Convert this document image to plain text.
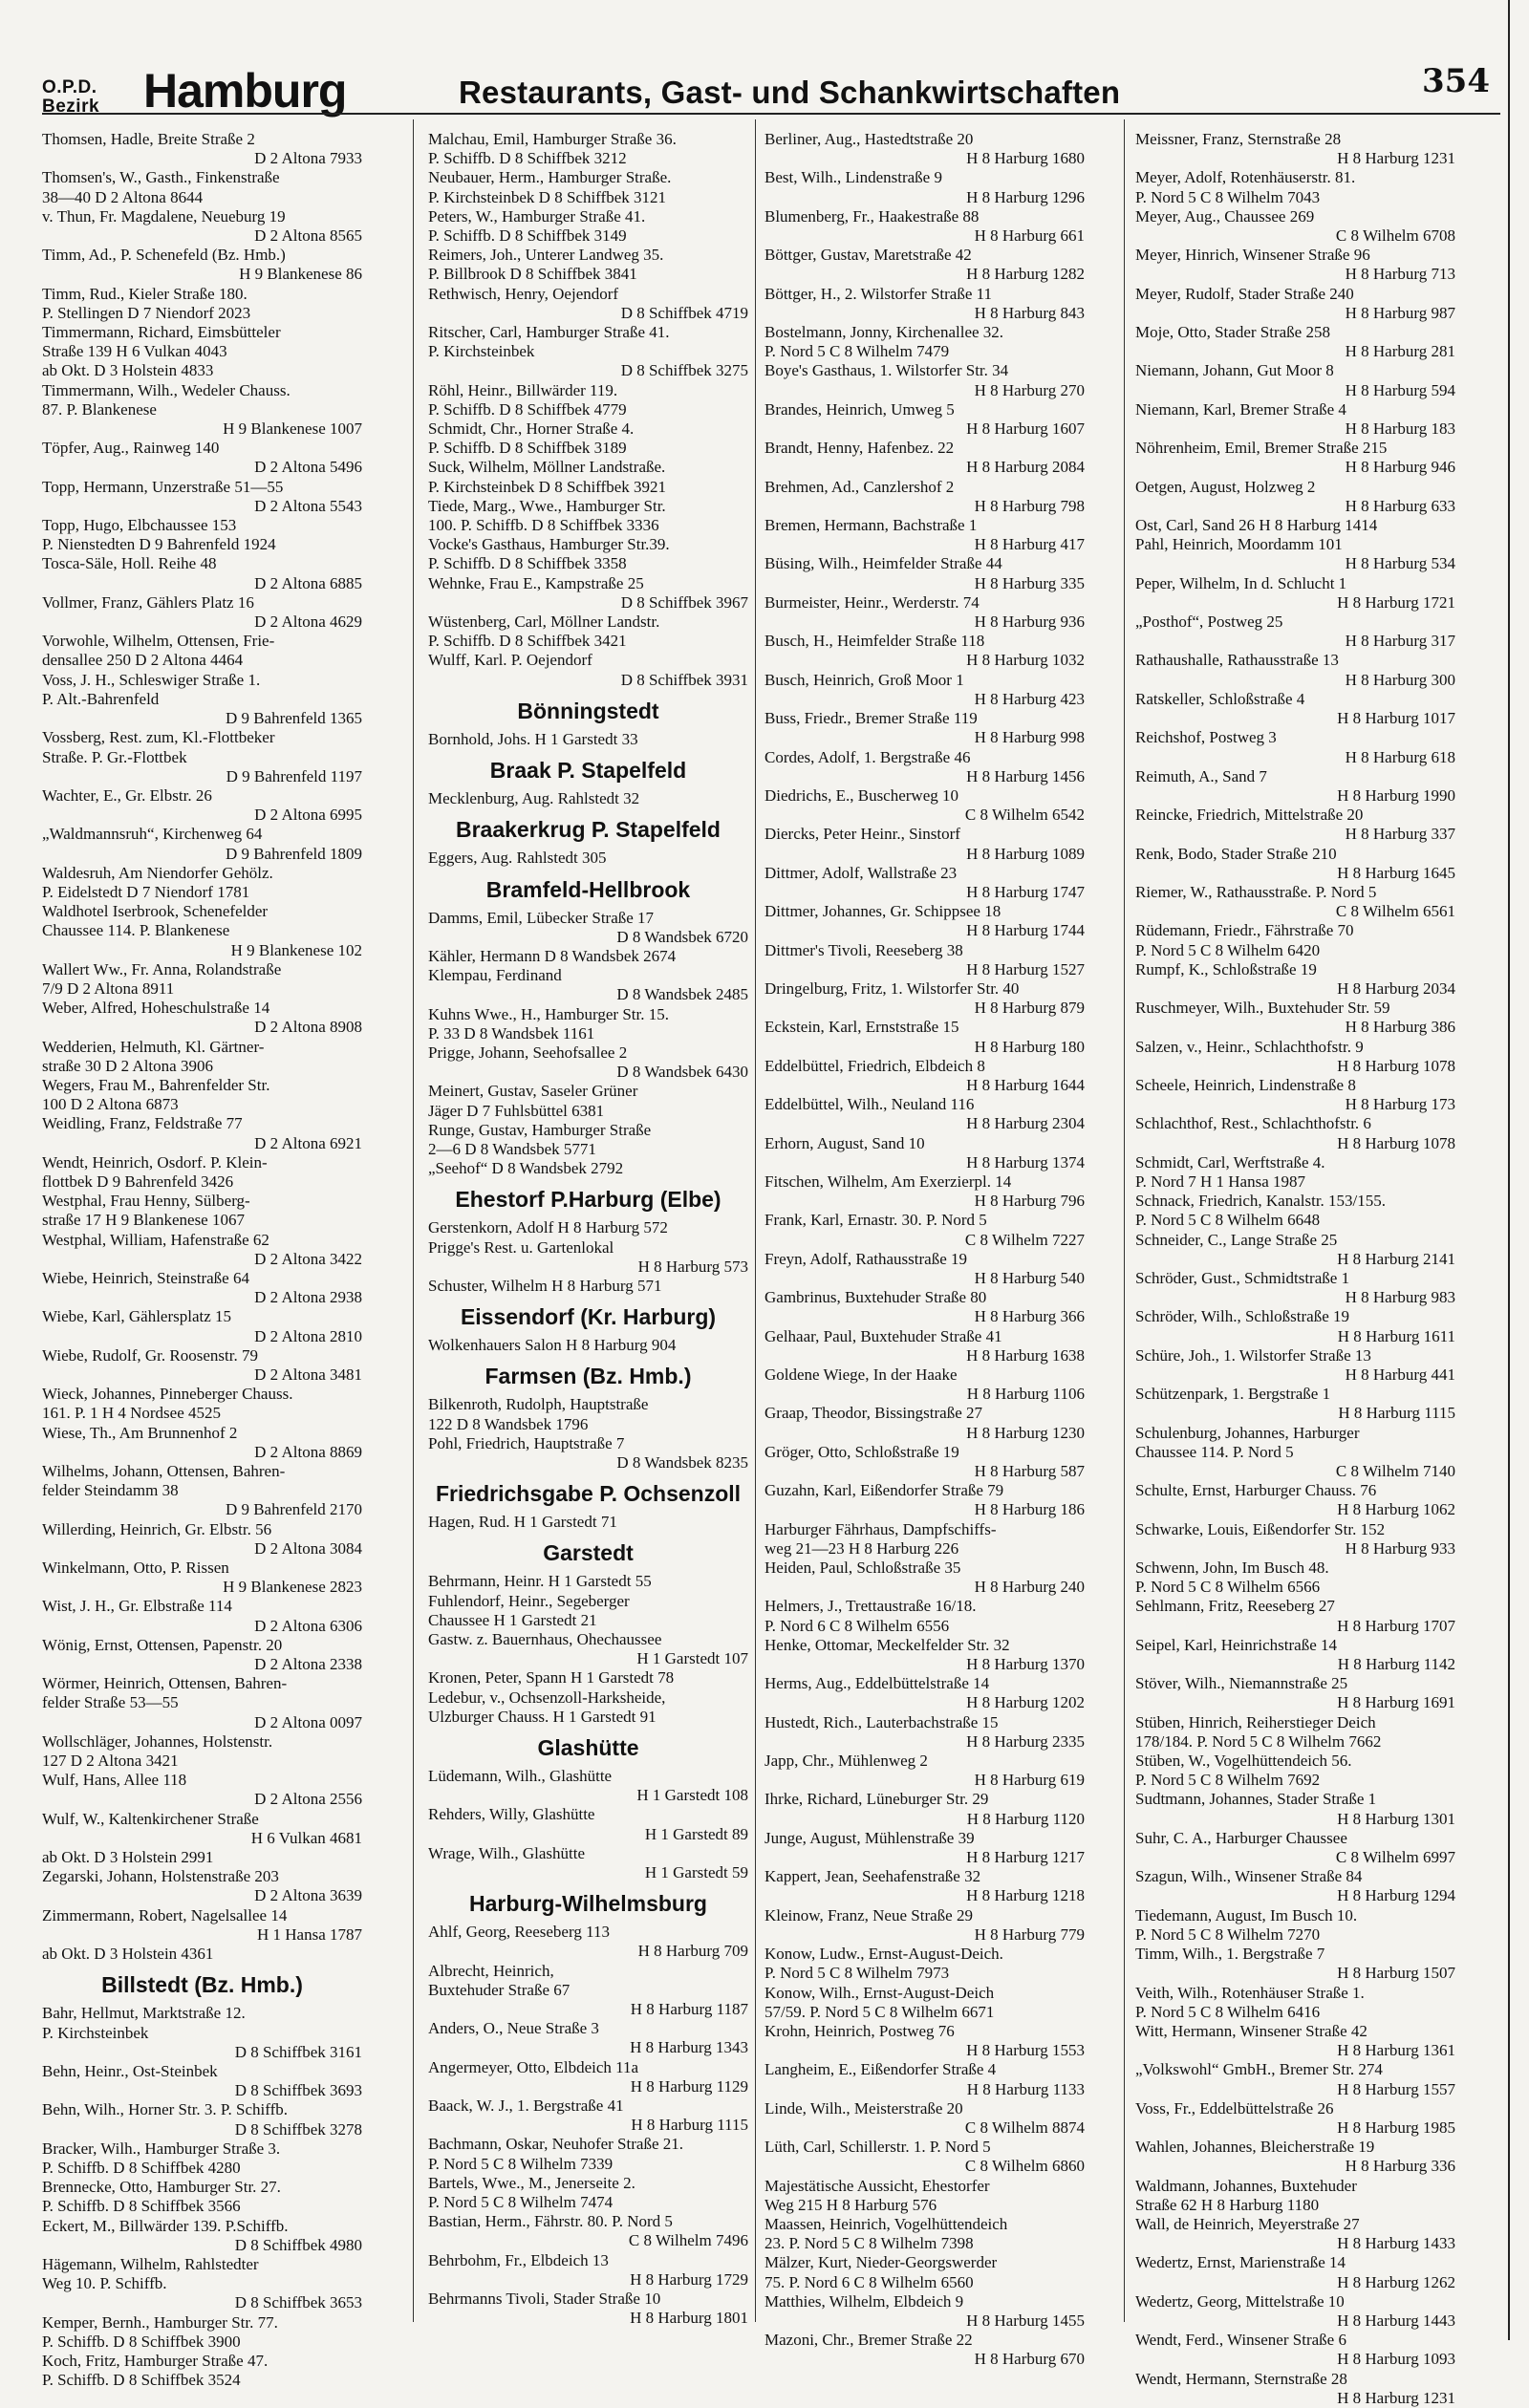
O.P.D.
Bezirk Hamburg	Restaurants, Gast- und Schankwirtschaften	354
Thomsen, Hadle, Breite Straße 2
D 2 Altona 7933
Thomsen's, W., Gasth., Finkenstraße
38—40 D 2 Altona 8644
v. Thun, Fr. Magdalene, Neueburg 19
D 2 Altona 8565
Timm, Ad., P. Schenefeld (Bz. Hmb.)
H 9 Blankenese 86
Timm, Rud., Kieler Straße 180.
P. Stellingen D 7 Niendorf 2023
Timmermann, Richard, Eimsbütteler
Straße 139 H 6 Vulkan 4043
ab Okt. D 3 Holstein 4833
Timmermann, Wilh., Wedeler Chauss.
87. P. Blankenese
H 9 Blankenese 1007
Töpfer, Aug., Rainweg 140
D 2 Altona 5496
Topp, Hermann, Unzerstraße 51—55
D 2 Altona 5543
Topp, Hugo, Elbchaussee 153
P. Nienstedten D 9 Bahrenfeld 1924
Tosca-Säle, Holl. Reihe 48
D 2 Altona 6885
Vollmer, Franz, Gählers Platz 16
D 2 Altona 4629
Vorwohle, Wilhelm, Ottensen, Frie-
densallee 250 D 2 Altona 4464
Voss, J. H., Schleswiger Straße 1.
P. Alt.-Bahrenfeld
D 9 Bahrenfeld 1365
Vossberg, Rest. zum, Kl.-Flottbeker
Straße. P. Gr.-Flottbek
D 9 Bahrenfeld 1197
Wachter, E., Gr. Elbstr. 26
D 2 Altona 6995
„Waldmannsruh“, Kirchenweg 64
D 9 Bahrenfeld 1809
Waldesruh, Am Niendorfer Gehölz.
P. Eidelstedt D 7 Niendorf 1781
Waldhotel Iserbrook, Schenefelder
Chaussee 114. P. Blankenese
H 9 Blankenese 102
Wallert Ww., Fr. Anna, Rolandstraße
7/9 D 2 Altona 8911
Weber, Alfred, Hoheschulstraße 14
D 2 Altona 8908
Wedderien, Helmuth, Kl. Gärtner-
straße 30 D 2 Altona 3906
Wegers, Frau M., Bahrenfelder Str.
100 D 2 Altona 6873
Weidling, Franz, Feldstraße 77
D 2 Altona 6921
Wendt, Heinrich, Osdorf. P. Klein-
flottbek D 9 Bahrenfeld 3426
Westphal, Frau Henny, Sülberg-
straße 17 H 9 Blankenese 1067
Westphal, William, Hafenstraße 62
D 2 Altona 3422
Wiebe, Heinrich, Steinstraße 64
D 2 Altona 2938
Wiebe, Karl, Gählersplatz 15
D 2 Altona 2810
Wiebe, Rudolf, Gr. Roosenstr. 79
D 2 Altona 3481
Wieck, Johannes, Pinneberger Chauss.
161. P. 1 H 4 Nordsee 4525
Wiese, Th., Am Brunnenhof 2
D 2 Altona 8869
Wilhelms, Johann, Ottensen, Bahren-
felder Steindamm 38
D 9 Bahrenfeld 2170
Willerding, Heinrich, Gr. Elbstr. 56
D 2 Altona 3084
Winkelmann, Otto, P. Rissen
H 9 Blankenese 2823
Wist, J. H., Gr. Elbstraße 114
D 2 Altona 6306
Wönig, Ernst, Ottensen, Papenstr. 20
D 2 Altona 2338
Wörmer, Heinrich, Ottensen, Bahren-
felder Straße 53—55
D 2 Altona 0097
Wollschläger, Johannes, Holstenstr.
127 D 2 Altona 3421
Wulf, Hans, Allee 118
D 2 Altona 2556
Wulf, W., Kaltenkirchener Straße
H 6 Vulkan 4681
ab Okt. D 3 Holstein 2991
Zegarski, Johann, Holstenstraße 203
D 2 Altona 3639
Zimmermann, Robert, Nagelsallee 14
H 1 Hansa 1787
ab Okt. D 3 Holstein 4361
Billstedt (Bz. Hmb.)
Bahr, Hellmut, Marktstraße 12.
P. Kirchsteinbek
D 8 Schiffbek 3161
Behn, Heinr., Ost-Steinbek
D 8 Schiffbek 3693
Behn, Wilh., Horner Str. 3. P. Schiffb.
D 8 Schiffbek 3278
Bracker, Wilh., Hamburger Straße 3.
P. Schiffb. D 8 Schiffbek 4280
Brennecke, Otto, Hamburger Str. 27.
P. Schiffb. D 8 Schiffbek 3566
Eckert, M., Billwärder 139. P.Schiffb.
D 8 Schiffbek 4980
Hägemann, Wilhelm, Rahlstedter
Weg 10. P. Schiffb.
D 8 Schiffbek 3653
Kemper, Bernh., Hamburger Str. 77.
P. Schiffb. D 8 Schiffbek 3900
Koch, Fritz, Hamburger Straße 47.
P. Schiffb. D 8 Schiffbek 3524
Malchau, Emil, Hamburger Straße 36.
P. Schiffb. D 8 Schiffbek 3212
Neubauer, Herm., Hamburger Straße.
P. Kirchsteinbek D 8 Schiffbek 3121
Peters, W., Hamburger Straße 41.
P. Schiffb. D 8 Schiffbek 3149
Reimers, Joh., Unterer Landweg 35.
P. Billbrook D 8 Schiffbek 3841
Rethwisch, Henry, Oejendorf
D 8 Schiffbek 4719
Ritscher, Carl, Hamburger Straße 41.
P. Kirchsteinbek
D 8 Schiffbek 3275
Röhl, Heinr., Billwärder 119.
P. Schiffb. D 8 Schiffbek 4779
Schmidt, Chr., Horner Straße 4.
P. Schiffb. D 8 Schiffbek 3189
Suck, Wilhelm, Möllner Landstraße.
P. Kirchsteinbek D 8 Schiffbek 3921
Tiede, Marg., Wwe., Hamburger Str.
100. P. Schiffb. D 8 Schiffbek 3336
Vocke's Gasthaus, Hamburger Str.39.
P. Schiffb. D 8 Schiffbek 3358
Wehnke, Frau E., Kampstraße 25
D 8 Schiffbek 3967
Wüstenberg, Carl, Möllner Landstr.
P. Schiffb. D 8 Schiffbek 3421
Wulff, Karl. P. Oejendorf
D 8 Schiffbek 3931
Bönningstedt
Bornhold, Johs. H 1 Garstedt 33
Braak P. Stapelfeld
Mecklenburg, Aug. Rahlstedt 32
Braakerkrug P. Stapelfeld
Eggers, Aug. Rahlstedt 305
Bramfeld-Hellbrook
Damms, Emil, Lübecker Straße 17
D 8 Wandsbek 6720
Kähler, Hermann D 8 Wandsbek 2674
Klempau, Ferdinand
D 8 Wandsbek 2485
Kuhns Wwe., H., Hamburger Str. 15.
P. 33 D 8 Wandsbek 1161
Prigge, Johann, Seehofsallee 2
D 8 Wandsbek 6430
Meinert, Gustav, Saseler Grüner
Jäger D 7 Fuhlsbüttel 6381
Runge, Gustav, Hamburger Straße
2—6 D 8 Wandsbek 5771
„Seehof“ D 8 Wandsbek 2792
Ehestorf P.Harburg (Elbe)
Gerstenkorn, Adolf H 8 Harburg 572
Prigge's Rest. u. Gartenlokal
H 8 Harburg 573
Schuster, Wilhelm H 8 Harburg 571
Eissendorf (Kr. Harburg)
Wolkenhauers Salon H 8 Harburg 904
Farmsen (Bz. Hmb.)
Bilkenroth, Rudolph, Hauptstraße
122 D 8 Wandsbek 1796
Pohl, Friedrich, Hauptstraße 7
D 8 Wandsbek 8235
Friedrichsgabe P. Ochsenzoll
Hagen, Rud. H 1 Garstedt 71
Garstedt
Behrmann, Heinr. H 1 Garstedt 55
Fuhlendorf, Heinr., Segeberger
Chaussee H 1 Garstedt 21
Gastw. z. Bauernhaus, Ohechaussee
H 1 Garstedt 107
Kronen, Peter, Spann H 1 Garstedt 78
Ledebur, v., Ochsenzoll-Harksheide,
Ulzburger Chauss. H 1 Garstedt 91
Glashütte
Lüdemann, Wilh., Glashütte
H 1 Garstedt 108
Rehders, Willy, Glashütte
H 1 Garstedt 89
Wrage, Wilh., Glashütte
H 1 Garstedt 59
Harburg-Wilhelmsburg
Ahlf, Georg, Reeseberg 113
H 8 Harburg 709
Albrecht, Heinrich,
Buxtehuder Straße 67
H 8 Harburg 1187
Anders, O., Neue Straße 3
H 8 Harburg 1343
Angermeyer, Otto, Elbdeich 11a
H 8 Harburg 1129
Baack, W. J., 1. Bergstraße 41
H 8 Harburg 1115
Bachmann, Oskar, Neuhofer Straße 21.
P. Nord 5 C 8 Wilhelm 7339
Bartels, Wwe., M., Jenerseite 2.
P. Nord 5 C 8 Wilhelm 7474
Bastian, Herm., Fährstr. 80. P. Nord 5
C 8 Wilhelm 7496
Behrbohm, Fr., Elbdeich 13
H 8 Harburg 1729
Behrmanns Tivoli, Stader Straße 10
H 8 Harburg 1801
Berliner, Aug., Hastedtstraße 20
H 8 Harburg 1680
Best, Wilh., Lindenstraße 9
H 8 Harburg 1296
Blumenberg, Fr., Haakestraße 88
H 8 Harburg 661
Böttger, Gustav, Maretstraße 42
H 8 Harburg 1282
Böttger, H., 2. Wilstorfer Straße 11
H 8 Harburg 843
Bostelmann, Jonny, Kirchenallee 32.
P. Nord 5 C 8 Wilhelm 7479
Boye's Gasthaus, 1. Wilstorfer Str. 34
H 8 Harburg 270
Brandes, Heinrich, Umweg 5
H 8 Harburg 1607
Brandt, Henny, Hafenbez. 22
H 8 Harburg 2084
Brehmen, Ad., Canzlershof 2
H 8 Harburg 798
Bremen, Hermann, Bachstraße 1
H 8 Harburg 417
Büsing, Wilh., Heimfelder Straße 44
H 8 Harburg 335
Burmeister, Heinr., Werderstr. 74
H 8 Harburg 936
Busch, H., Heimfelder Straße 118
H 8 Harburg 1032
Busch, Heinrich, Groß Moor 1
H 8 Harburg 423
Buss, Friedr., Bremer Straße 119
H 8 Harburg 998
Cordes, Adolf, 1. Bergstraße 46
H 8 Harburg 1456
Diedrichs, E., Buscherweg 10
C 8 Wilhelm 6542
Diercks, Peter Heinr., Sinstorf
H 8 Harburg 1089
Dittmer, Adolf, Wallstraße 23
H 8 Harburg 1747
Dittmer, Johannes, Gr. Schippsee 18
H 8 Harburg 1744
Dittmer's Tivoli, Reeseberg 38
H 8 Harburg 1527
Dringelburg, Fritz, 1. Wilstorfer Str. 40
H 8 Harburg 879
Eckstein, Karl, Ernststraße 15
H 8 Harburg 180
Eddelbüttel, Friedrich, Elbdeich 8
H 8 Harburg 1644
Eddelbüttel, Wilh., Neuland 116
H 8 Harburg 2304
Erhorn, August, Sand 10
H 8 Harburg 1374
Fitschen, Wilhelm, Am Exerzierpl. 14
H 8 Harburg 796
Frank, Karl, Ernastr. 30. P. Nord 5
C 8 Wilhelm 7227
Freyn, Adolf, Rathausstraße 19
H 8 Harburg 540
Gambrinus, Buxtehuder Straße 80
H 8 Harburg 366
Gelhaar, Paul, Buxtehuder Straße 41
H 8 Harburg 1638
Goldene Wiege, In der Haake
H 8 Harburg 1106
Graap, Theodor, Bissingstraße 27
H 8 Harburg 1230
Gröger, Otto, Schloßstraße 19
H 8 Harburg 587
Guzahn, Karl, Eißendorfer Straße 79
H 8 Harburg 186
Harburger Fährhaus, Dampfschiffs-
weg 21—23 H 8 Harburg 226
Heiden, Paul, Schloßstraße 35
H 8 Harburg 240
Helmers, J., Trettaustraße 16/18.
P. Nord 6 C 8 Wilhelm 6556
Henke, Ottomar, Meckelfelder Str. 32
H 8 Harburg 1370
Herms, Aug., Eddelbüttelstraße 14
H 8 Harburg 1202
Hustedt, Rich., Lauterbachstraße 15
H 8 Harburg 2335
Japp, Chr., Mühlenweg 2
H 8 Harburg 619
Ihrke, Richard, Lüneburger Str. 29
H 8 Harburg 1120
Junge, August, Mühlenstraße 39
H 8 Harburg 1217
Kappert, Jean, Seehafenstraße 32
H 8 Harburg 1218
Kleinow, Franz, Neue Straße 29
H 8 Harburg 779
Konow, Ludw., Ernst-August-Deich.
P. Nord 5 C 8 Wilhelm 7973
Konow, Wilh., Ernst-August-Deich
57/59. P. Nord 5 C 8 Wilhelm 6671
Krohn, Heinrich, Postweg 76
H 8 Harburg 1553
Langheim, E., Eißendorfer Straße 4
H 8 Harburg 1133
Linde, Wilh., Meisterstraße 20
C 8 Wilhelm 8874
Lüth, Carl, Schillerstr. 1. P. Nord 5
C 8 Wilhelm 6860
Majestätische Aussicht, Ehestorfer
Weg 215 H 8 Harburg 576
Maassen, Heinrich, Vogelhüttendeich
23. P. Nord 5 C 8 Wilhelm 7398
Mälzer, Kurt, Nieder-Georgswerder
75. P. Nord 6 C 8 Wilhelm 6560
Matthies, Wilhelm, Elbdeich 9
H 8 Harburg 1455
Mazoni, Chr., Bremer Straße 22
H 8 Harburg 670
Meissner, Franz, Sternstraße 28
H 8 Harburg 1231
Meyer, Adolf, Rotenhäuserstr. 81.
P. Nord 5 C 8 Wilhelm 7043
Meyer, Aug., Chaussee 269
C 8 Wilhelm 6708
Meyer, Hinrich, Winsener Straße 96
H 8 Harburg 713
Meyer, Rudolf, Stader Straße 240
H 8 Harburg 987
Moje, Otto, Stader Straße 258
H 8 Harburg 281
Niemann, Johann, Gut Moor 8
H 8 Harburg 594
Niemann, Karl, Bremer Straße 4
H 8 Harburg 183
Nöhrenheim, Emil, Bremer Straße 215
H 8 Harburg 946
Oetgen, August, Holzweg 2
H 8 Harburg 633
Ost, Carl, Sand 26 H 8 Harburg 1414
Pahl, Heinrich, Moordamm 101
H 8 Harburg 534
Peper, Wilhelm, In d. Schlucht 1
H 8 Harburg 1721
„Posthof“, Postweg 25
H 8 Harburg 317
Rathaushalle, Rathausstraße 13
H 8 Harburg 300
Ratskeller, Schloßstraße 4
H 8 Harburg 1017
Reichshof, Postweg 3
H 8 Harburg 618
Reimuth, A., Sand 7
H 8 Harburg 1990
Reincke, Friedrich, Mittelstraße 20
H 8 Harburg 337
Renk, Bodo, Stader Straße 210
H 8 Harburg 1645
Riemer, W., Rathausstraße. P. Nord 5
C 8 Wilhelm 6561
Rüdemann, Friedr., Fährstraße 70
P. Nord 5 C 8 Wilhelm 6420
Rumpf, K., Schloßstraße 19
H 8 Harburg 2034
Ruschmeyer, Wilh., Buxtehuder Str. 59
H 8 Harburg 386
Salzen, v., Heinr., Schlachthofstr. 9
H 8 Harburg 1078
Scheele, Heinrich, Lindenstraße 8
H 8 Harburg 173
Schlachthof, Rest., Schlachthofstr. 6
H 8 Harburg 1078
Schmidt, Carl, Werftstraße 4.
P. Nord 7 H 1 Hansa 1987
Schnack, Friedrich, Kanalstr. 153/155.
P. Nord 5 C 8 Wilhelm 6648
Schneider, C., Lange Straße 25
H 8 Harburg 2141
Schröder, Gust., Schmidtstraße 1
H 8 Harburg 983
Schröder, Wilh., Schloßstraße 19
H 8 Harburg 1611
Schüre, Joh., 1. Wilstorfer Straße 13
H 8 Harburg 441
Schützenpark, 1. Bergstraße 1
H 8 Harburg 1115
Schulenburg, Johannes, Harburger
Chaussee 114. P. Nord 5
C 8 Wilhelm 7140
Schulte, Ernst, Harburger Chauss. 76
H 8 Harburg 1062
Schwarke, Louis, Eißendorfer Str. 152
H 8 Harburg 933
Schwenn, John, Im Busch 48.
P. Nord 5 C 8 Wilhelm 6566
Sehlmann, Fritz, Reeseberg 27
H 8 Harburg 1707
Seipel, Karl, Heinrichstraße 14
H 8 Harburg 1142
Stöver, Wilh., Niemannstraße 25
H 8 Harburg 1691
Stüben, Hinrich, Reiherstieger Deich
178/184. P. Nord 5 C 8 Wilhelm 7662
Stüben, W., Vogelhüttendeich 56.
P. Nord 5 C 8 Wilhelm 7692
Sudtmann, Johannes, Stader Straße 1
H 8 Harburg 1301
Suhr, C. A., Harburger Chaussee
C 8 Wilhelm 6997
Szagun, Wilh., Winsener Straße 84
H 8 Harburg 1294
Tiedemann, August, Im Busch 10.
P. Nord 5 C 8 Wilhelm 7270
Timm, Wilh., 1. Bergstraße 7
H 8 Harburg 1507
Veith, Wilh., Rotenhäuser Straße 1.
P. Nord 5 C 8 Wilhelm 6416
Witt, Hermann, Winsener Straße 42
H 8 Harburg 1361
„Volkswohl“ GmbH., Bremer Str. 274
H 8 Harburg 1557
Voss, Fr., Eddelbüttelstraße 26
H 8 Harburg 1985
Wahlen, Johannes, Bleicherstraße 19
H 8 Harburg 336
Waldmann, Johannes, Buxtehuder
Straße 62 H 8 Harburg 1180
Wall, de Heinrich, Meyerstraße 27
H 8 Harburg 1433
Wedertz, Ernst, Marienstraße 14
H 8 Harburg 1262
Wedertz, Georg, Mittelstraße 10
H 8 Harburg 1443
Wendt, Ferd., Winsener Straße 6
H 8 Harburg 1093
Wendt, Hermann, Sternstraße 28
H 8 Harburg 1231
